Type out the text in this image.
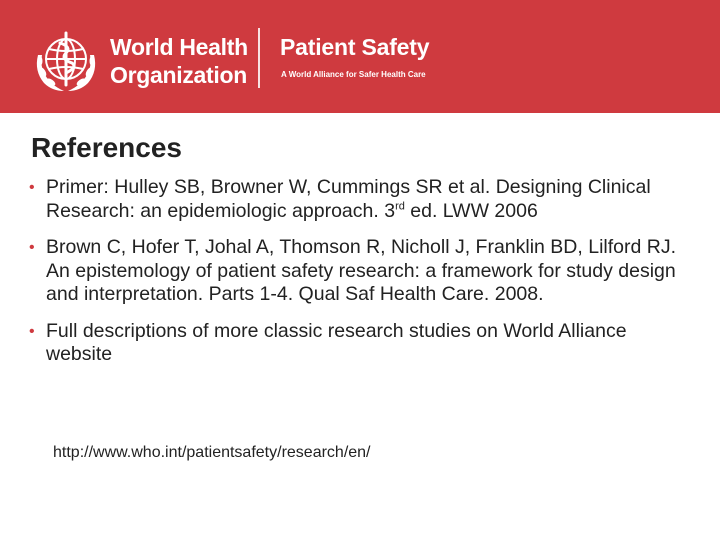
World Health
Organization
Patient Safety
A World Alliance for Safer Health Care
References
• Primer: Hulley SB, Browner W, Cummings SR et al. Designing Clinical Research: an epidemiologic approach. 3rd ed. LWW 2006
• Brown C, Hofer T, Johal A, Thomson R, Nicholl J, Franklin BD, Lilford RJ. An epistemology of patient safety research: a framework for study design and interpretation. Parts 1-4. Qual Saf Health Care. 2008.
• Full descriptions of more classic research studies on World Alliance website
http://www.who.int/patientsafety/research/en/
